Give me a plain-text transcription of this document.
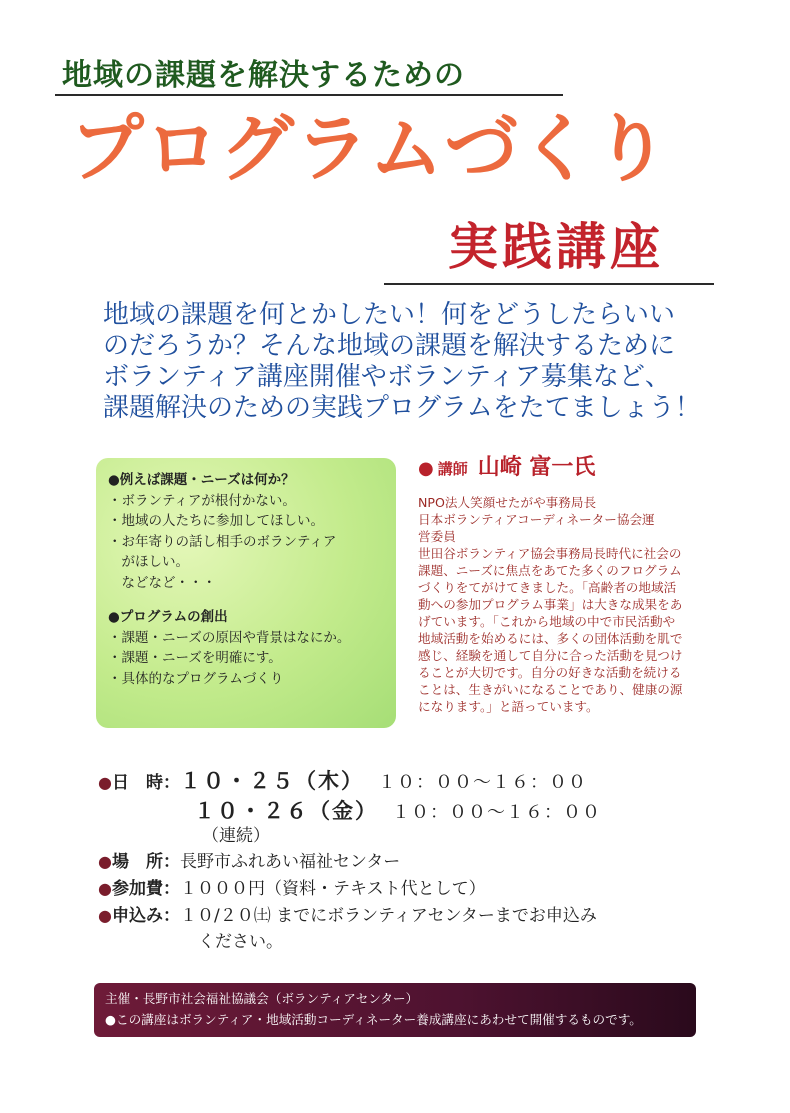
地域の課題を解決するための
プログラムづくり
実践講座
地域の課題を何とかしたい！何をどうしたらいい
のだろうか？そんな地域の課題を解決するために
ボランティア講座開催やボランティア募集など、
課題解決のための実践プログラムをたてましょう！
●例えば課題・ニーズは何か？
・ボランティアが根付かない。
・地域の人たちに参加してほしい。
・お年寄りの話し相手のボランティア
　がほしい。
　などなど・・・
●プログラムの創出
・課題・ニーズの原因や背景はなにか。
・課題・ニーズを明確にす。
・具体的なプログラムづくり
● 講師 山崎 富一氏
NPO法人笑顔せたがや事務局長
日本ボランティアコーディネーター協会運
営委員
世田谷ボランティア協会事務局長時代に社会の
課題、ニーズに焦点をあてた多くのフログラム
づくりをてがけてきました。「高齢者の地域活
動への参加プログラム事業」は大きな成果をあ
げています。「これから地域の中で市民活動や
地域活動を始めるには、多くの団体活動を肌で
感じ、経験を通して自分に合った活動を見つけ
ることが大切です。自分の好きな活動を続ける
ことは、生きがいになることであり、健康の源
になります。」と語っています。
●日　時：１０・２５（木） １０：００～１６：００
１０・２６（金） １０：００～１６：００
（連続）
●場　所：長野市ふれあい福祉センター
●参加費：１０００円（資料・テキスト代として）
●申込み：１０/２０㈯ までにボランティアセンターまでお申込み
ください。
主催・長野市社会福祉協議会（ボランティアセンター）
●この講座はボランティア・地域活動コーディネーター養成講座にあわせて開催するものです。
